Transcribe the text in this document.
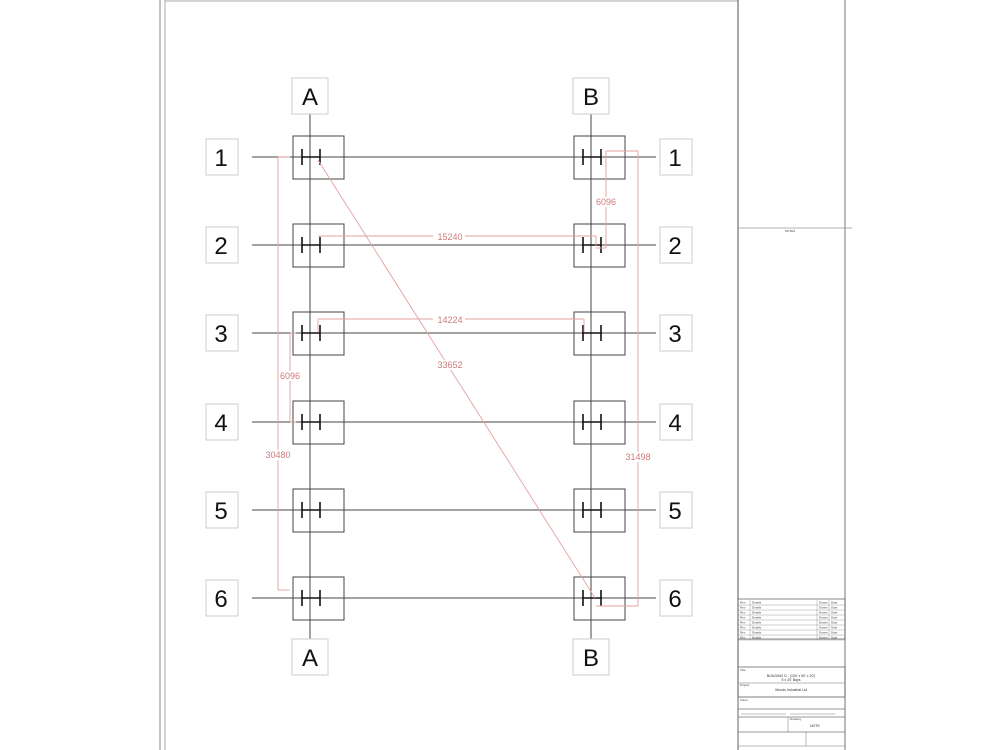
A
A
B
B
1	1
2	2
3	3
4	4
5	5
6	6
33652
15240
14224
6096
6096
30480	31498
NOTES
Rev Details	Drawn Date
Rev Details	Drawn Date
Rev Details	Drawn Date
Rev Details	Drawn Date
Rev Details	Drawn Date
Rev Details	Drawn Date
Rev Details	Drawn Date
Rev Details	Drawn Date
Title
BUILDING D - (100' x 50' x 20')
5 x 20' Bays
Project
Woods Industrial Ltd
Client
Drawing
NOTE
